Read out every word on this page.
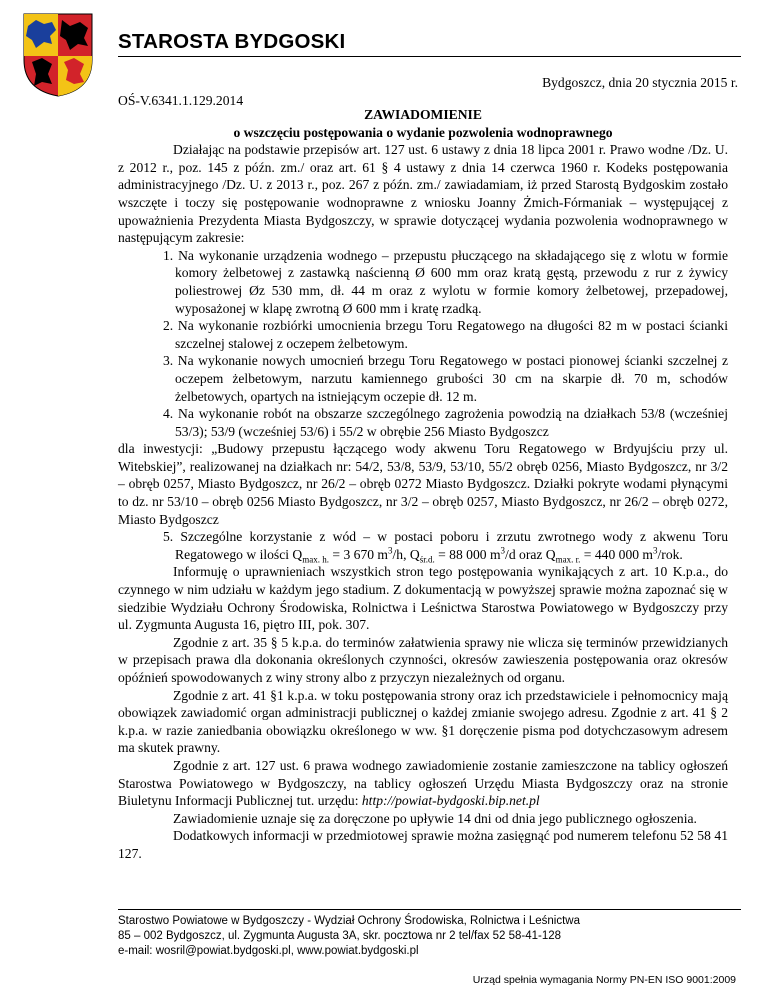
STAROSTA BYDGOSKI
Bydgoszcz, dnia 20 stycznia 2015 r.
OŚ-V.6341.1.129.2014
ZAWIADOMIENIE
o wszczęciu postępowania o wydanie pozwolenia wodnoprawnego

Działając na podstawie przepisów art. 127 ust. 6 ustawy z dnia 18 lipca 2001 r. Prawo wodne /Dz. U. z 2012 r., poz. 145 z późn. zm./ oraz art. 61 § 4 ustawy z dnia 14 czerwca 1960 r. Kodeks postępowania administracyjnego /Dz. U. z 2013 r., poz. 267 z późn. zm./ zawiadamiam, iż przed Starostą Bydgoskim zostało wszczęte i toczy się postępowanie wodnoprawne z wniosku Joanny Żmich-Fórmaniak – występującej z upoważnienia Prezydenta Miasta Bydgoszczy, w sprawie dotyczącej wydania pozwolenia wodnoprawnego w następującym zakresie:

1. Na wykonanie urządzenia wodnego – przepustu płuczącego na składającego się z wlotu w formie komory żelbetowej z zastawką naścienną Ø 600 mm oraz kratą gęstą, przewodu z rur z żywicy poliestrowej Øz 530 mm, dł. 44 m oraz z wylotu w formie komory żelbetowej, przepadowej, wyposażonej w klapę zwrotną Ø 600 mm i kratę rzadką.

2. Na wykonanie rozbiórki umocnienia brzegu Toru Regatowego na długości 82 m w postaci ścianki szczelnej stalowej z oczepem żelbetowym.

3. Na wykonanie nowych umocnień brzegu Toru Regatowego w postaci pionowej ścianki szczelnej z oczepem żelbetowym, narzutu kamiennego grubości 30 cm na skarpie dł. 70 m, schodów żelbetowych, opartych na istniejącym oczepie dł. 12 m.

4. Na wykonanie robót na obszarze szczególnego zagrożenia powodzią na działkach 53/8 (wcześniej 53/3); 53/9 (wcześniej 53/6) i 55/2 w obrębie 256 Miasto Bydgoszcz

dla inwestycji: „Budowy przepustu łączącego wody akwenu Toru Regatowego w Brdyujściu przy ul. Witebskiej”, realizowanej na działkach nr: 54/2, 53/8, 53/9, 53/10, 55/2 obręb 0256, Miasto Bydgoszcz, nr 3/2 – obręb 0257, Miasto Bydgoszcz, nr 26/2 – obręb 0272 Miasto Bydgoszcz. Działki pokryte wodami płynącymi to dz. nr 53/10 – obręb 0256 Miasto Bydgoszcz, nr 3/2 – obręb 0257, Miasto Bydgoszcz, nr 26/2 – obręb 0272, Miasto Bydgoszcz

5. Szczególne korzystanie z wód – w postaci poboru i zrzutu zwrotnego wody z akwenu Toru Regatowego w ilości $Q_{max. h.} = 3$ 670 $m^3/h$, $Q_{śr.d.} = 88$ 000 $m^3/d$ oraz $Q_{max. r.} = 440$ 000 $m^3$/rok.

Informuję o uprawnieniach wszystkich stron tego postępowania wynikających z art. 10 K.p.a., do czynnego w nim udziału w każdym jego stadium. Z dokumentacją w powyższej sprawie można zapoznać się w siedzibie Wydziału Ochrony Środowiska, Rolnictwa i Leśnictwa Starostwa Powiatowego w Bydgoszczy przy ul. Zygmunta Augusta 16, piętro III, pok. 307.

Zgodnie z art. 35 § 5 k.p.a. do terminów załatwienia sprawy nie wlicza się terminów przewidzianych w przepisach prawa dla dokonania określonych czynności, okresów zawieszenia postępowania oraz okresów opóźnień spowodowanych z winy strony albo z przyczyn niezależnych od organu.

Zgodnie z art. 41 §1 k.p.a. w toku postępowania strony oraz ich przedstawiciele i pełnomocnicy mają obowiązek zawiadomić organ administracji publicznej o każdej zmianie swojego adresu. Zgodnie z art. 41 § 2 k.p.a. w razie zaniedbania obowiązku określonego w ww. §1 doręczenie pisma pod dotychczasowym adresem ma skutek prawny.

Zgodnie z art. 127 ust. 6 prawa wodnego zawiadomienie zostanie zamieszczone na tablicy ogłoszeń Starostwa Powiatowego w Bydgoszczy, na tablicy ogłoszeń Urzędu Miasta Bydgoszczy oraz na stronie Biuletynu Informacji Publicznej tut. urzędu: http://powiat-bydgoski.bip.net.pl

Zawiadomienie uznaje się za doręczone po upływie 14 dni od dnia jego publicznego ogłoszenia.

Dodatkowych informacji w przedmiotowej sprawie można zasięgnąć pod numerem telefonu 52 58 41 127.

Starostwo Powiatowe w Bydgoszczy - Wydział Ochrony Środowiska, Rolnictwa i Leśnictwa
85 – 002 Bydgoszcz, ul. Zygmunta Augusta 3A, skr. pocztowa nr 2 tel/fax 52 58-41-128
e-mail: wosril@powiat.bydgoski.pl, www.powiat.bydgoski.pl
Urząd spełnia wymagania Normy PN-EN ISO 9001:2009
